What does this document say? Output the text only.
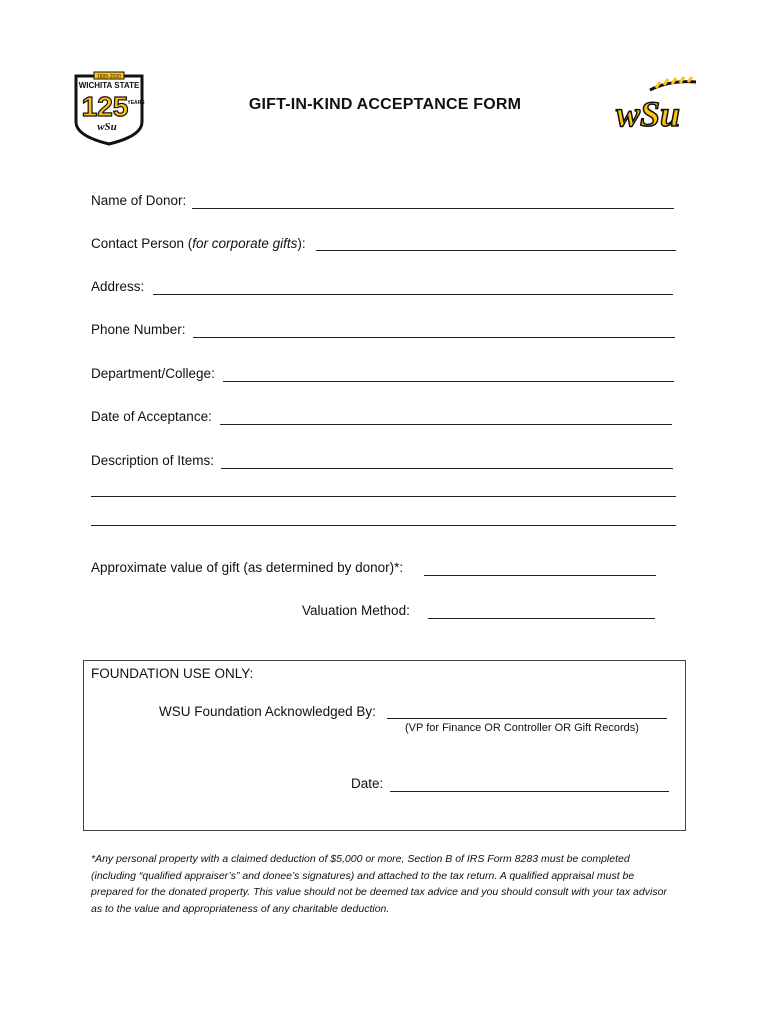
1895-2020
WICHITA STATE
125 YEARS
wSu
GIFT-IN-KIND ACCEPTANCE FORM	wSu
Name of Donor:
Contact Person (for corporate gifts):
Address:
Phone Number:
Department/College:
Date of Acceptance:
Description of Items:
Approximate value of gift (as determined by donor)*:
Valuation Method:
FOUNDATION USE ONLY:
WSU Foundation Acknowledged By:
(VP for Finance OR Controller OR Gift Records)
Date:
*Any personal property with a claimed deduction of $5,000 or more, Section B of IRS Form 8283 must be completed (including “qualified appraiser’s” and donee’s signatures) and attached to the tax return. A qualified appraisal must be prepared for the donated property. This value should not be deemed tax advice and you should consult with your tax advisor as to the value and appropriateness of any charitable deduction.
